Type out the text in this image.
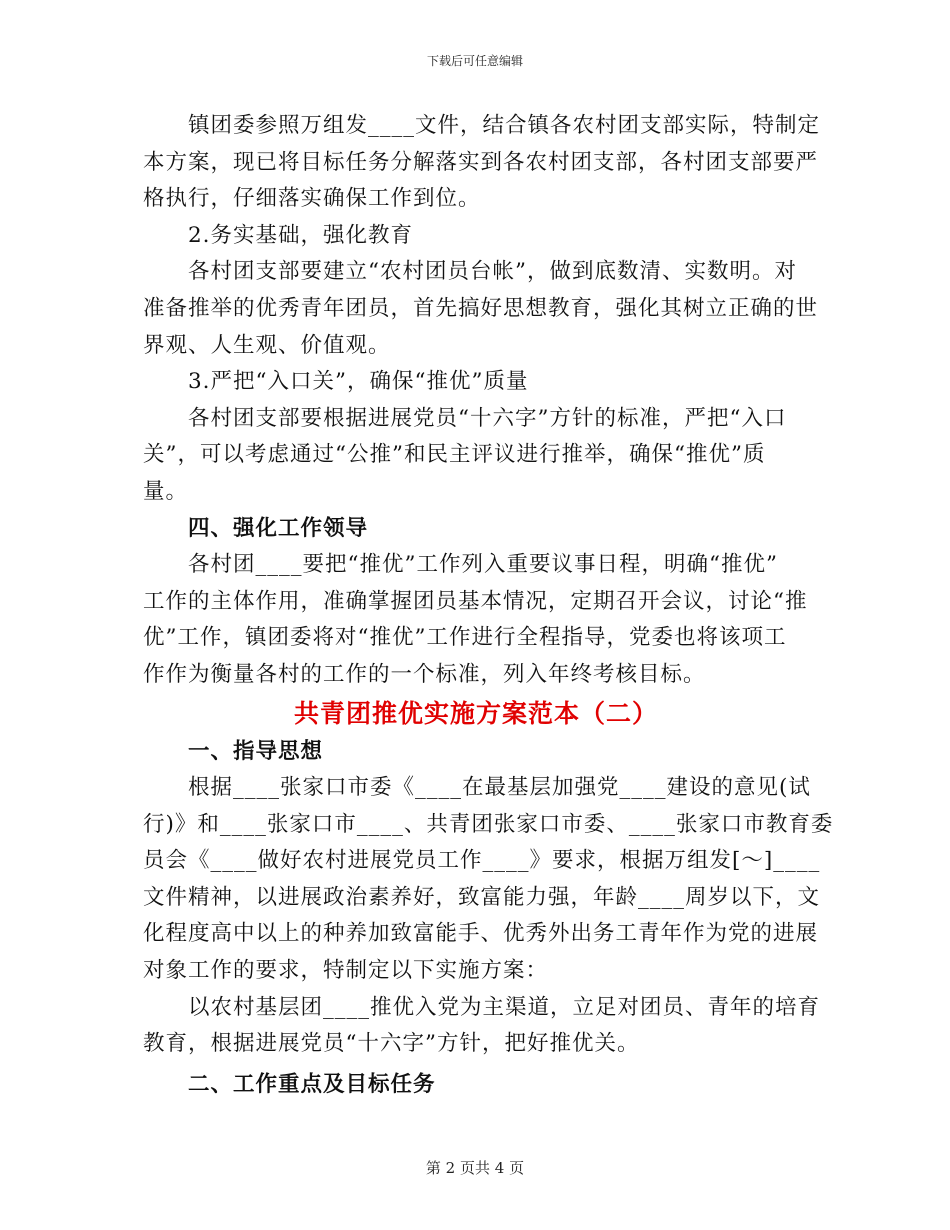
下载后可任意编辑

　　镇团委参照万组发____文件，结合镇各农村团支部实际，特制定

本方案，现已将目标任务分解落实到各农村团支部，各村团支部要严

格执行，仔细落实确保工作到位。

　　2.务实基础，强化教育

　　各村团支部要建立“农村团员台帐”，做到底数清、实数明。对

准备推举的优秀青年团员，首先搞好思想教育，强化其树立正确的世

界观、人生观、价值观。

　　3.严把“入口关”，确保“推优”质量

　　各村团支部要根据进展党员“十六字”方针的标准，严把“入口

关”，可以考虑通过“公推”和民主评议进行推举，确保“推优”质

量。

　　四、强化工作领导

　　各村团____要把“推优”工作列入重要议事日程，明确“推优”

工作的主体作用，准确掌握团员基本情况，定期召开会议，讨论“推

优”工作，镇团委将对“推优”工作进行全程指导，党委也将该项工

作作为衡量各村的工作的一个标准，列入年终考核目标。

共青团推优实施方案范本（二）

　　一、指导思想

　　根据____张家口市委《____在最基层加强党____建设的意见(试

行)》和____张家口市____、共青团张家口市委、____张家口市教育委

员会《____做好农村进展党员工作____》要求，根据万组发[～]____

文件精神，以进展政治素养好，致富能力强，年龄____周岁以下，文

化程度高中以上的种养加致富能手、优秀外出务工青年作为党的进展

对象工作的要求，特制定以下实施方案：

　　以农村基层团____推优入党为主渠道，立足对团员、青年的培育

教育，根据进展党员“十六字”方针，把好推优关。

　　二、工作重点及目标任务

第 2 页共 4 页
